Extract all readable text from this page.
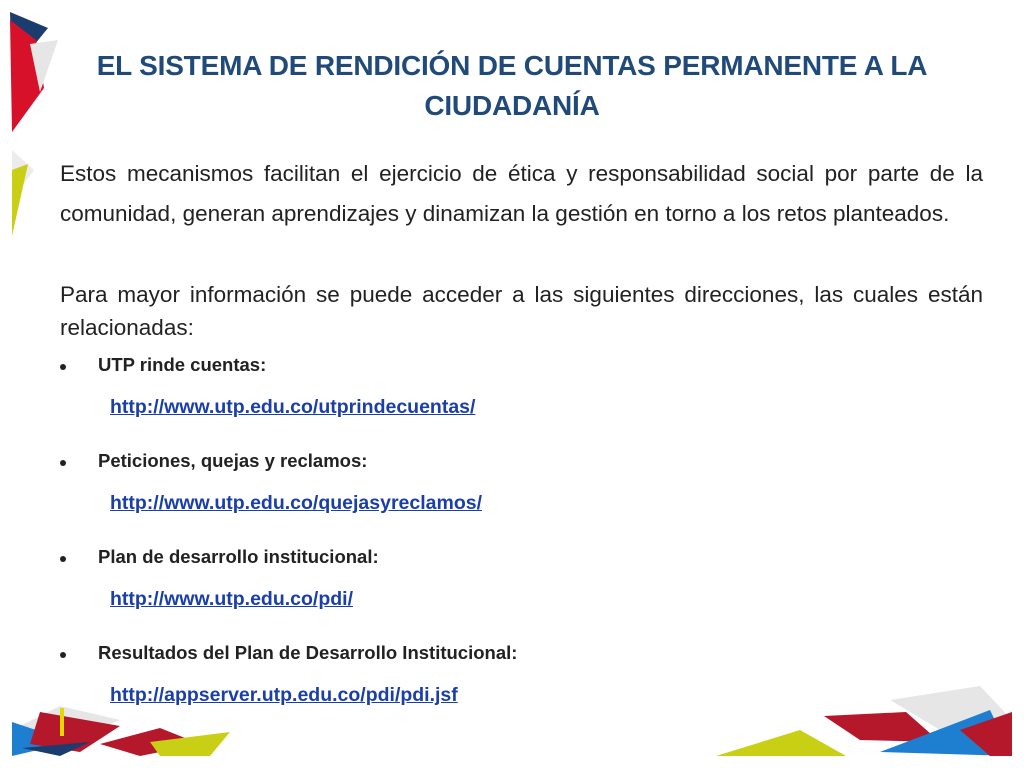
EL SISTEMA DE RENDICIÓN DE CUENTAS PERMANENTE A LA CIUDADANÍA
Estos mecanismos facilitan el ejercicio de ética y responsabilidad social por parte de la comunidad, generan aprendizajes y dinamizan la gestión en torno a los retos planteados.
Para mayor información se puede acceder a las siguientes direcciones, las cuales están relacionadas:
UTP rinde cuentas:
http://www.utp.edu.co/utprindecuentas/
Peticiones, quejas y reclamos:
http://www.utp.edu.co/quejasyreclamos/
Plan de desarrollo institucional:
http://www.utp.edu.co/pdi/
Resultados del Plan de Desarrollo Institucional:
http://appserver.utp.edu.co/pdi/pdi.jsf
